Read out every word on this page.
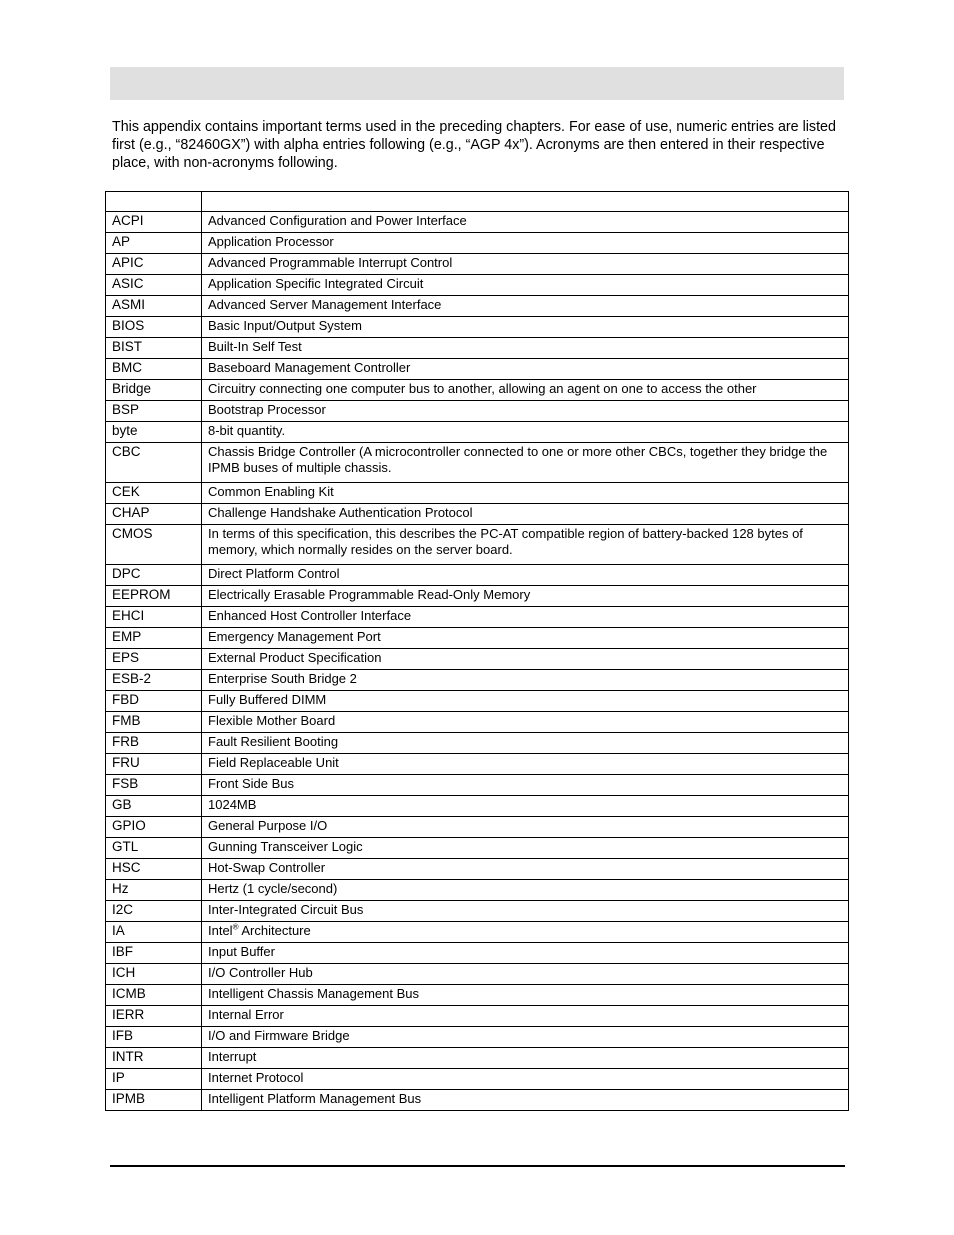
This appendix contains important terms used in the preceding chapters. For ease of use, numeric entries are listed first (e.g., “82460GX”) with alpha entries following (e.g., “AGP 4x”). Acronyms are then entered in their respective place, with non-acronyms following.

ACPI	Advanced Configuration and Power Interface
AP	Application Processor
APIC	Advanced Programmable Interrupt Control
ASIC	Application Specific Integrated Circuit
ASMI	Advanced Server Management Interface
BIOS	Basic Input/Output System
BIST	Built-In Self Test
BMC	Baseboard Management Controller
Bridge	Circuitry connecting one computer bus to another, allowing an agent on one to access the other
BSP	Bootstrap Processor
byte	8-bit quantity.
CBC	Chassis Bridge Controller (A microcontroller connected to one or more other CBCs, together they bridge the IPMB buses of multiple chassis.
CEK	Common Enabling Kit
CHAP	Challenge Handshake Authentication Protocol
CMOS	In terms of this specification, this describes the PC-AT compatible region of battery-backed 128 bytes of memory, which normally resides on the server board.
DPC	Direct Platform Control
EEPROM	Electrically Erasable Programmable Read-Only Memory
EHCI	Enhanced Host Controller Interface
EMP	Emergency Management Port
EPS	External Product Specification
ESB-2	Enterprise South Bridge 2
FBD	Fully Buffered DIMM
FMB	Flexible Mother Board
FRB	Fault Resilient Booting
FRU	Field Replaceable Unit
FSB	Front Side Bus
GB	1024MB
GPIO	General Purpose I/O
GTL	Gunning Transceiver Logic
HSC	Hot-Swap Controller
Hz	Hertz (1 cycle/second)
I2C	Inter-Integrated Circuit Bus
IA	Intel® Architecture
IBF	Input Buffer
ICH	I/O Controller Hub
ICMB	Intelligent Chassis Management Bus
IERR	Internal Error
IFB	I/O and Firmware Bridge
INTR	Interrupt
IP	Internet Protocol
IPMB	Intelligent Platform Management Bus
